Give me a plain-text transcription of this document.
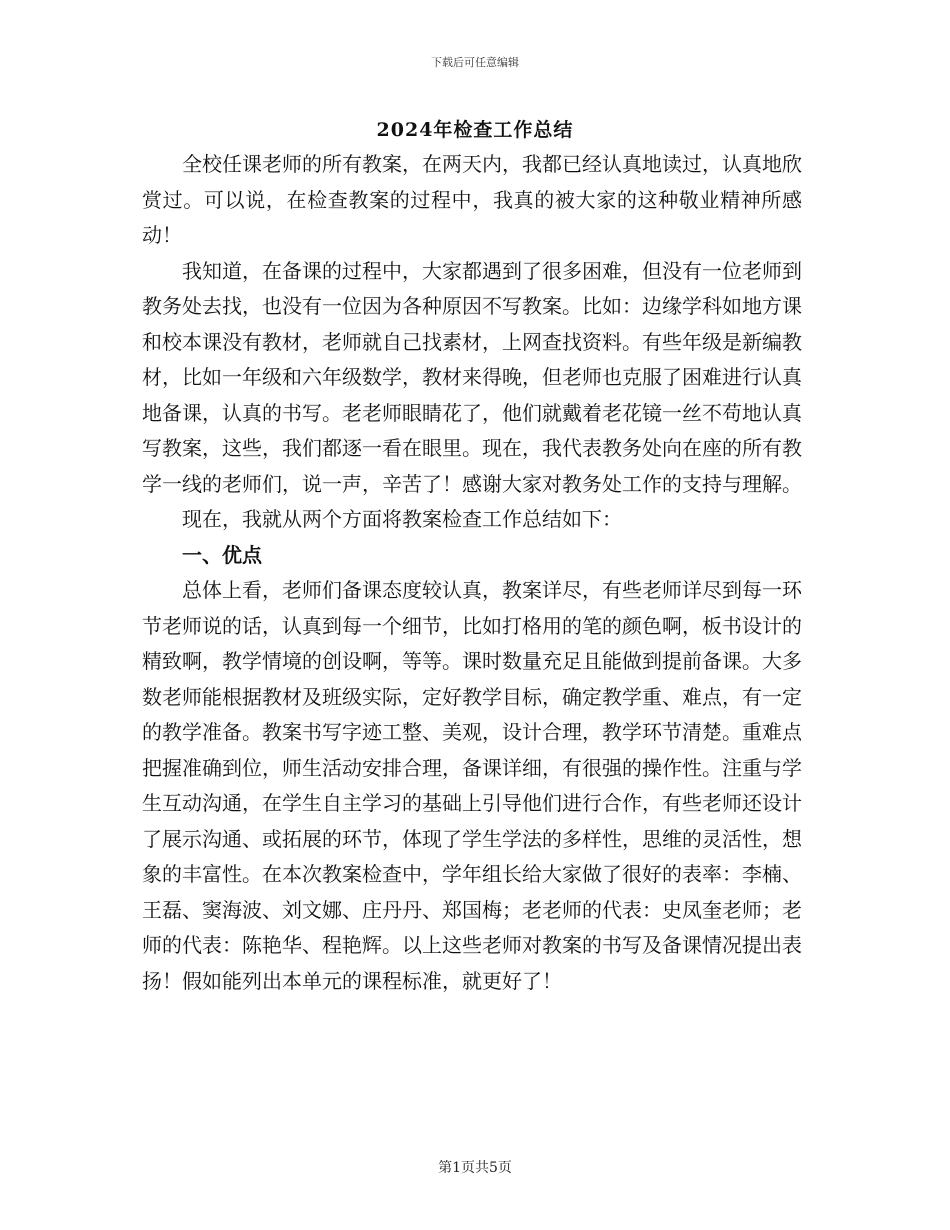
下载后可任意编辑
2024年检查工作总结

全校任课老师的所有教案，在两天内，我都已经认真地读过，认真地欣赏过。可以说，在检查教案的过程中，我真的被大家的这种敬业精神所感动！

我知道，在备课的过程中，大家都遇到了很多困难，但没有一位老师到教务处去找，也没有一位因为各种原因不写教案。比如：边缘学科如地方课和校本课没有教材，老师就自己找素材，上网查找资料。有些年级是新编教材，比如一年级和六年级数学，教材来得晚，但老师也克服了困难进行认真地备课，认真的书写。老老师眼睛花了，他们就戴着老花镜一丝不苟地认真写教案，这些，我们都逐一看在眼里。现在，我代表教务处向在座的所有教学一线的老师们，说一声，辛苦了！感谢大家对教务处工作的支持与理解。

现在，我就从两个方面将教案检查工作总结如下：

一、优点

总体上看，老师们备课态度较认真，教案详尽，有些老师详尽到每一环节老师说的话，认真到每一个细节，比如打格用的笔的颜色啊，板书设计的精致啊，教学情境的创设啊，等等。课时数量充足且能做到提前备课。大多数老师能根据教材及班级实际，定好教学目标，确定教学重、难点，有一定的教学准备。教案书写字迹工整、美观，设计合理，教学环节清楚。重难点把握准确到位，师生活动安排合理，备课详细，有很强的操作性。注重与学生互动沟通，在学生自主学习的基础上引导他们进行合作，有些老师还设计了展示沟通、或拓展的环节，体现了学生学法的多样性，思维的灵活性，想象的丰富性。在本次教案检查中，学年组长给大家做了很好的表率：李楠、王磊、窦海波、刘文娜、庄丹丹、郑国梅；老老师的代表：史凤奎老师；老师的代表：陈艳华、程艳辉。以上这些老师对教案的书写及备课情况提出表扬！假如能列出本单元的课程标准，就更好了！

第1页共5页
